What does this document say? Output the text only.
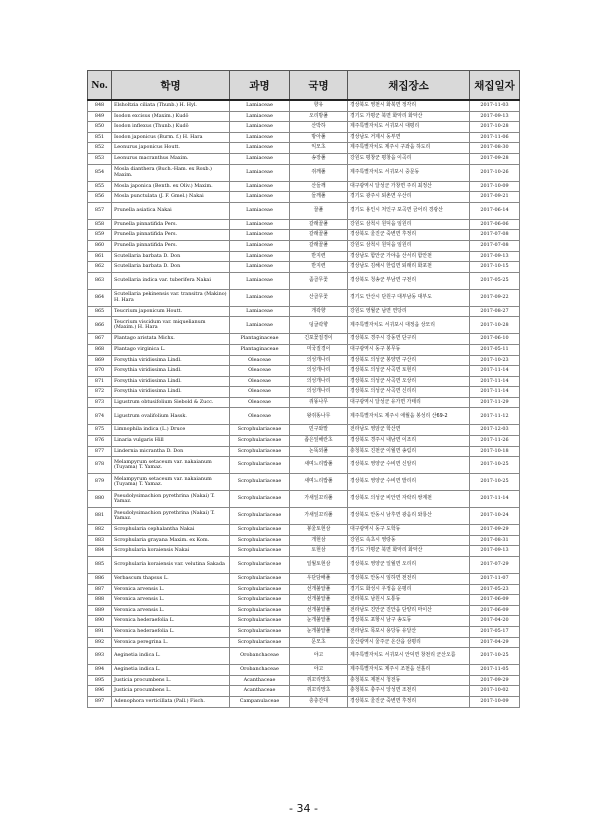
No.	학명	과명	국명	채집장소	채집일자
848	Elsholtzia ciliata (Thunb.) H. Hyl.	Lamiaceae	향유	경상북도 영천시 화북면 정각리	2017-11-03
849	Isodon excisus (Maxim.) Kudô	Lamiaceae	오리방풀	경기도 가평군 북면 화악리 화악산	2017-09-13
850	Isodon inflexus (Thunb.) Kudô	Lamiaceae	산박하	제주특별자치도 서귀포시 대평리	2017-10-28
851	Isodon japonicus (Burm. f.) H. Hara	Lamiaceae	방아풀	경상남도 거제시 동부면	2017-11-06
852	Leonurus japonicus Houtt.	Lamiaceae	익모초	제주특별자치도 제주시 구좌읍 하도리	2017-08-30
853	Leonurus macranthus Maxim.	Lamiaceae	송장풀	강원도 평창군 평창읍 이곡리	2017-09-28
854	Mosla dianthera (Buch.-Ham. ex Roxb.) Maxim.	Lamiaceae	쥐깨풀	제주특별자치도 서귀포시 중문동	2017-10-26
855	Mosla japonica (Benth. ex Oliv.) Maxim.	Lamiaceae	산들깨	대구광역시 달성군 가창면 주리 최정산	2017-10-09
856	Mosla punctulata (J. F. Gmel.) Nakai	Lamiaceae	들깨풀	경기도 광주시 퇴촌면 우산리	2017-09-21
857	Prunella asiatica Nakai	Lamiaceae	꿀풀	경기도 용인시 처인구 포곡면 금어리 경광산	2017-06-14
858	Prunella pinnatifida Pers.	Lamiaceae	갈래꿀풀	강원도 삼척시 원덕읍 임원리	2017-06-06
859	Prunella pinnatifida Pers.	Lamiaceae	갈래꿀풀	경상북도 울진군 죽변면 후정리	2017-07-08
860	Prunella pinnatifida Pers.	Lamiaceae	갈래꿀풀	강원도 삼척시 원덕읍 임원리	2017-07-08
861	Scutellaria barbata D. Don	Lamiaceae	반지련	경상남도 함안군 가야읍 산서리 함안천	2017-09-13
862	Scutellaria barbata D. Don	Lamiaceae	반지련	경상남도 김해시 한림면 퇴래리 화포천	2017-10-15
863	Scutellaria indica var. tuberifera Nakai	Lamiaceae	좀골무꽃	경상북도 청송군 부남면 구천리	2017-05-25
864	Scutellaria pekinensis var. transitra (Makino) H. Hara	Lamiaceae	산골무꽃	경기도 안산시 단원구 대부남동 대부도	2017-09-22
865	Teucrium japonicum Houtt.	Lamiaceae	개곽향	강원도 영월군 남면 연당리	2017-08-27
866	Teucrium viscidum var. miquelianum (Maxim.) H. Hara	Lamiaceae	덩굴곽향	제주특별자치도 서귀포시 대정읍 상모리	2017-10-28
867	Plantago aristata Michx.	Plantaginaceae	긴포꽃질경이	경상북도 경주시 강동면 단구리	2017-06-10
868	Plantago virginica L.	Plantaginaceae	미국질경이	대구광역시 동구 봉무동	2017-05-11
869	Forsythia viridissima Lindl.	Oleaceae	의성개나리	경상북도 의성군 봉양면 구산리	2017-10-23
870	Forsythia viridissima Lindl.	Oleaceae	의성개나리	경상북도 의성군 사곡면 토현리	2017-11-14
871	Forsythia viridissima Lindl.	Oleaceae	의성개나리	경상북도 의성군 사곡면 오상리	2017-11-14
872	Forsythia viridissima Lindl.	Oleaceae	의성개나리	경상북도 의성군 사곡면 신리리	2017-11-14
873	Ligustrum obtusifolium Siebold & Zucc.	Oleaceae	쥐똥나무	대구광역시 달성군 유가면 가태리	2017-11-29
874	Ligustrum ovalifolium Hassk.	Oleaceae	왕쥐똥나무	제주특별자치도 제주시 애월읍 봉성리 산69-2	2017-11-12
875	Limnophila indica (L.) Druce	Scrophulariaceae	민구와말	전라남도 영암군 학산면	2017-12-03
876	Linaria vulgaris Hill	Scrophulariaceae	좁은잎해란초	경상북도 경주시 내남면 이조리	2017-11-26
877	Lindernia micrantha D. Don	Scrophulariaceae	논뚝외풀	충청북도 진천군 이월면 송림리	2017-10-18
878	Melampyrum setaceum var. nakaianum (Tuyama) T. Yamaz.	Scrophulariaceae	새며느리밥풀	경상북도 영양군 수비면 신암리	2017-10-25
879	Melampyrum setaceum var. nakaianum (Tuyama) T. Yamaz.	Scrophulariaceae	새며느리밥풀	경상북도 영양군 수비면 발리리	2017-10-25
880	Pseudolysimachion pyrethrina (Nakai) T. Yamaz.	Scrophulariaceae	가새잎꼬리풀	경상북도 의성군 비안면 자락리 쌍계천	2017-11-14
881	Pseudolysimachion pyrethrina (Nakai) T. Yamaz.	Scrophulariaceae	가새잎꼬리풀	경상북도 안동시 남후면 광음리 와룡산	2017-10-24
882	Scrophularia cephalantha Nakai	Scrophulariaceae	봉울토현삼	대구광역시 동구 도학동	2017-09-29
883	Scrophularia grayana Maxim. ex Kom.	Scrophulariaceae	개현삼	강원도 속초시 영랑동	2017-08-31
884	Scrophularia koraiensis Nakai	Scrophulariaceae	토현삼	경기도 가평군 북면 화악리 화악산	2017-09-13
885	Scrophularia koraiensis var. velutina Sakada	Scrophulariaceae	일월토현삼	경상북도 영양군 일월면 오리리	2017-07-29
886	Verbascum thapsus L.	Scrophulariaceae	우단담배풀	경상북도 안동시 임하면 천전리	2017-11-07
887	Veronica arvensis L.	Scrophulariaceae	선개불알풀	경기도 화성시 우정읍 운평리	2017-05-23
888	Veronica arvensis L.	Scrophulariaceae	선개불알풀	전라북도 남원시 도통동	2017-06-09
889	Veronica arvensis L.	Scrophulariaceae	선개불알풀	전라남도 진안군 진안읍 단양리 마이산	2017-06-09
890	Veronica hederaefolia L.	Scrophulariaceae	눈개불알풀	경상북도 포항시 남구 송도동	2017-04-20
891	Veronica hederaefolia L.	Scrophulariaceae	눈개불알풀	전라남도 목포시 용당동 유달산	2017-05-17
892	Veronica peregrina L.	Scrophulariaceae	문모초	울산광역시 울주군 온산읍 삼평리	2017-04-29
893	Aeginetia indica L.	Orobanchaceae	야고	제주특별자치도 서귀포시 안덕면 창천리 군산오름	2017-10-25
894	Aeginetia indica L.	Orobanchaceae	야고	제주특별자치도 제주시 조천읍 선흘리	2017-11-05
895	Justicia procumbens L.	Acanthaceae	쥐꼬리망초	충청북도 제천시 청전동	2017-09-29
896	Justicia procumbens L.	Acanthaceae	쥐꼬리망초	충청북도 충주시 앙성면 조천리	2017-10-02
897	Adenophora verticillata (Pall.) Fisch.	Campanulaceae	층층잔대	경상북도 울진군 죽변면 후정리	2017-10-09
- 34 -
